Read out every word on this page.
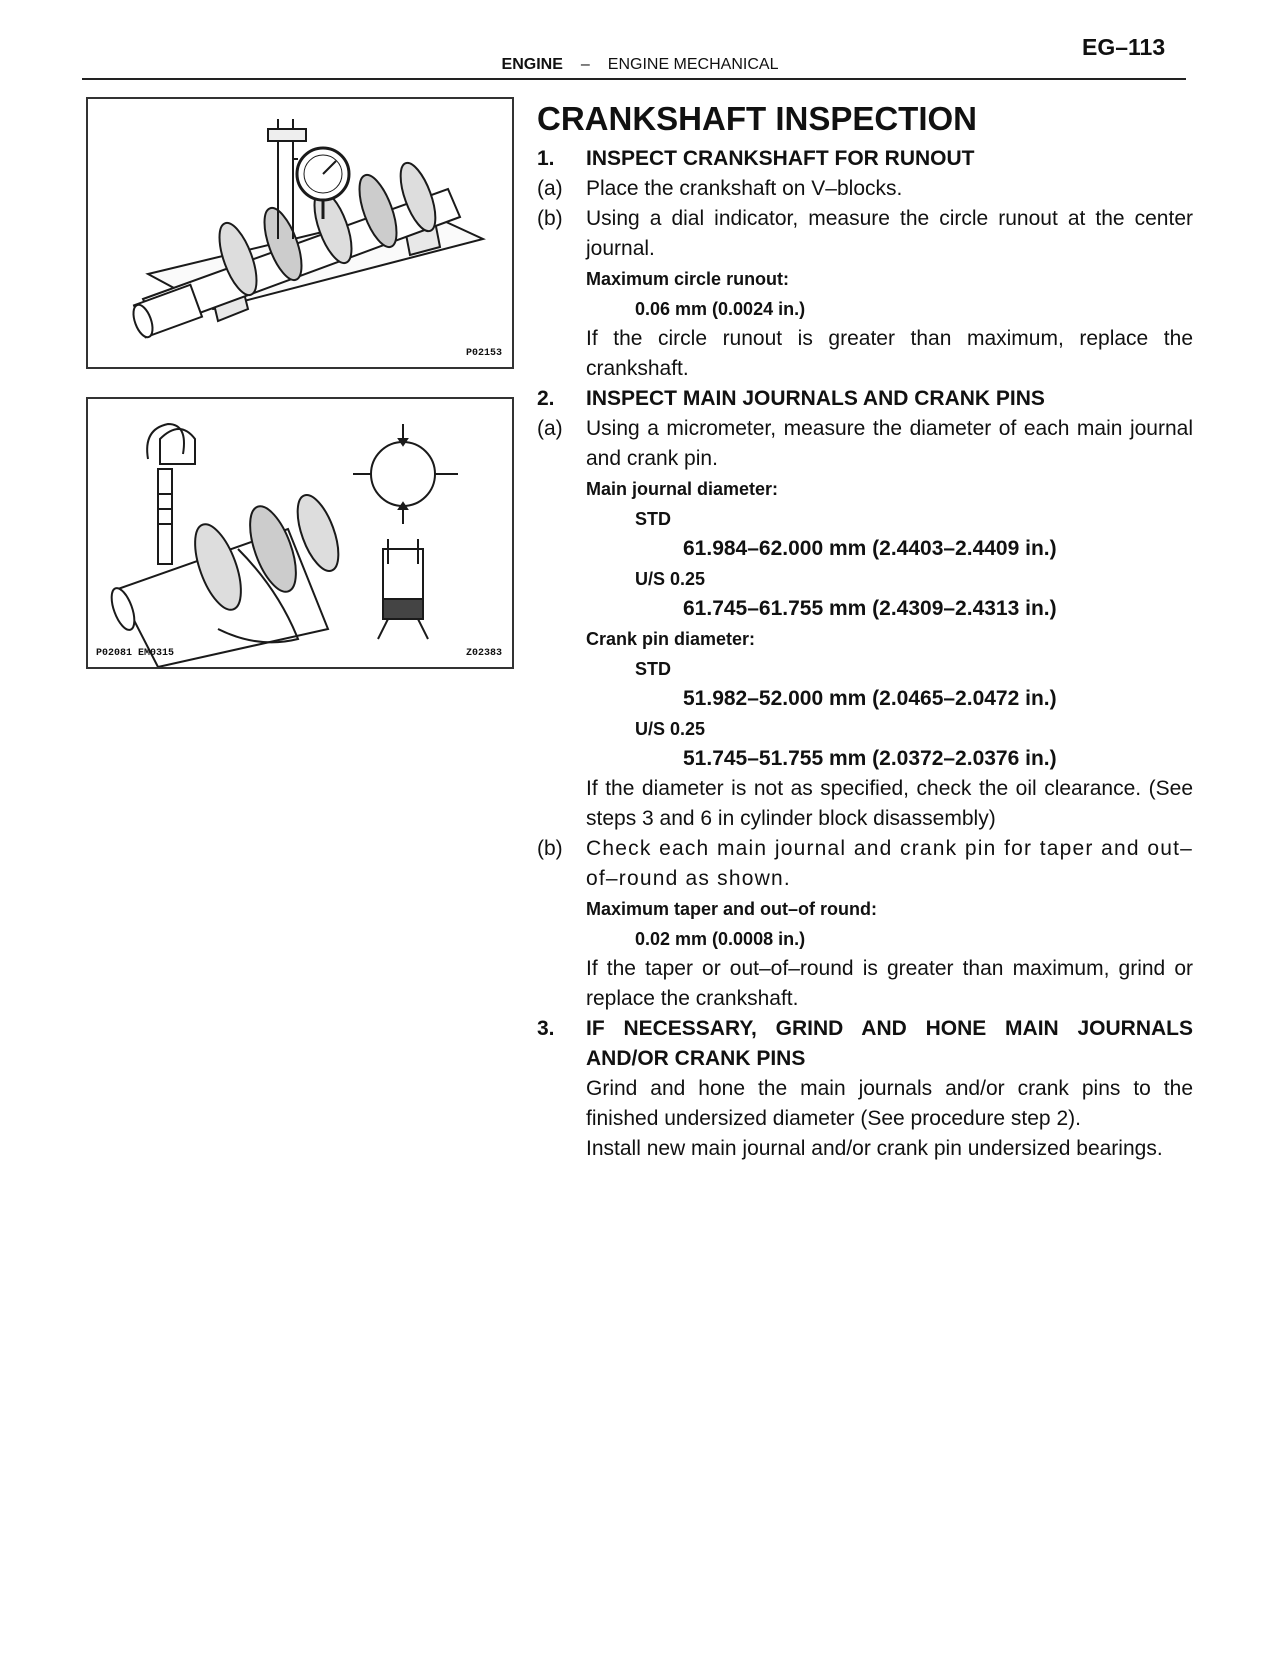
EG–113
ENGINE – ENGINE MECHANICAL
P02153
P02081 EM0315	Z02383
CRANKSHAFT INSPECTION
1.	INSPECT CRANKSHAFT FOR RUNOUT
(a)	Place the crankshaft on V–blocks.
(b)	Using a dial indicator, measure the circle runout at the center journal.
Maximum circle runout:
0.06 mm (0.0024 in.)
If the circle runout is greater than maximum, replace the crankshaft.
2.	INSPECT MAIN JOURNALS AND CRANK PINS
(a)	Using a micrometer, measure the diameter of each main journal and crank pin.
Main journal diameter:
STD
61.984–62.000 mm (2.4403–2.4409 in.)
U/S 0.25
61.745–61.755 mm (2.4309–2.4313 in.)
Crank pin diameter:
STD
51.982–52.000 mm (2.0465–2.0472 in.)
U/S 0.25
51.745–51.755 mm (2.0372–2.0376 in.)
If the diameter is not as specified, check the oil clearance. (See steps 3 and 6 in cylinder block disassembly)
(b)	Check each main journal and crank pin for taper and out–of–round as shown.
Maximum taper and out–of round:
0.02 mm (0.0008 in.)
If the taper or out–of–round is greater than maximum, grind or replace the crankshaft.
3.	IF NECESSARY, GRIND AND HONE MAIN JOURNALS AND/OR CRANK PINS
Grind and hone the main journals and/or crank pins to the finished undersized diameter (See procedure step 2).
Install new main journal and/or crank pin undersized bearings.
